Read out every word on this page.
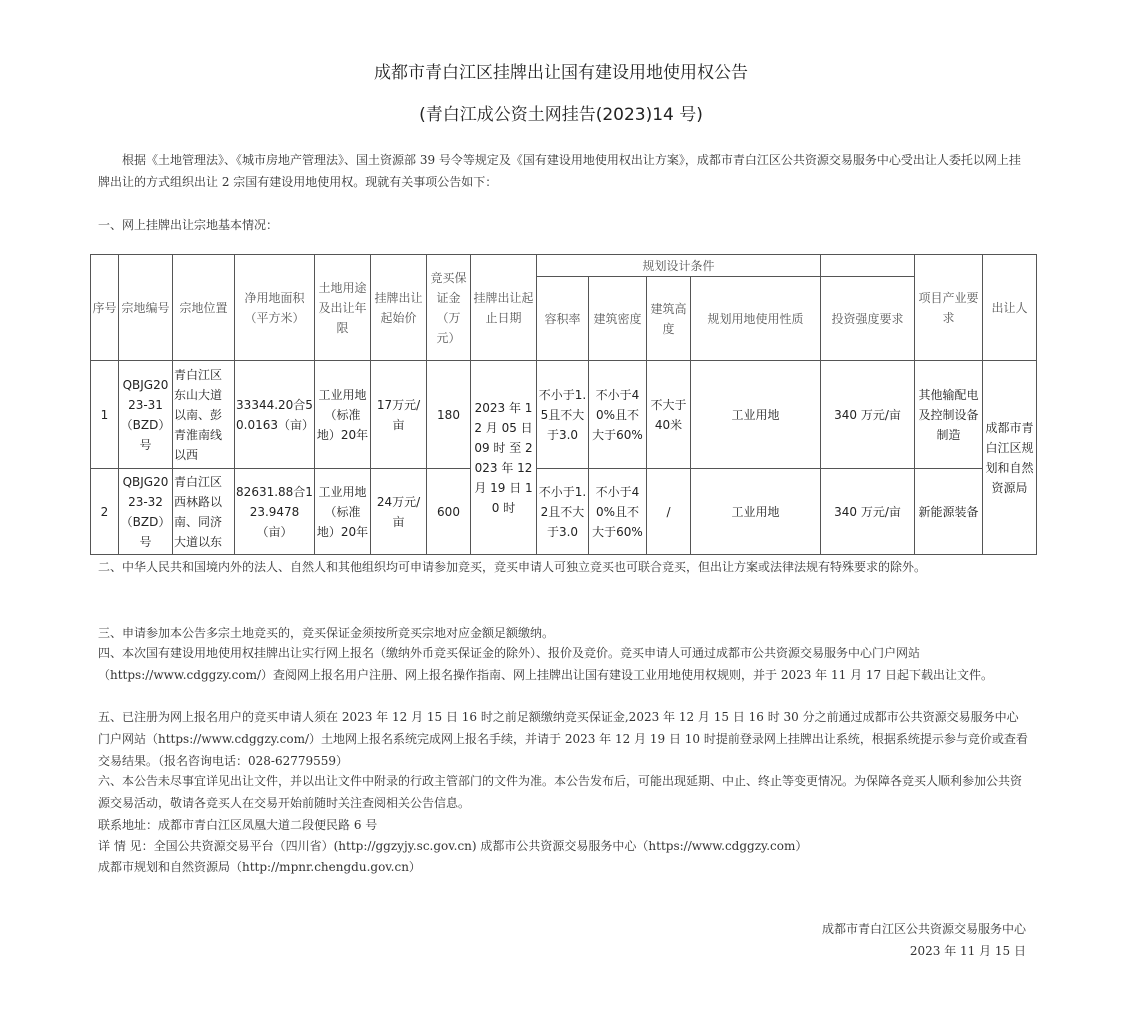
成都市青白江区挂牌出让国有建设用地使用权公告
(青白江成公资土网挂告(2023)14 号)
根据《土地管理法》、《城市房地产管理法》、国土资源部 39 号令等规定及《国有建设用地使用权出让方案》，成都市青白江区公共资源交易服务中心受出让人委托以网上挂牌出让的方式组织出让 2 宗国有建设用地使用权。现就有关事项公告如下：
一、网上挂牌出让宗地基本情况：
序号	宗地编号	宗地位置	净用地面积（平方米）	土地用途及出让年限	挂牌出让起始价	竞买保证金（万元）	挂牌出让起止日期	规划设计条件					项目产业要求	出让人
								容积率	建筑密度	建筑高度	规划用地使用性质	投资强度要求		
1	QBJG2023-31（BZD）号	青白江区东山大道以南、彭青淮南线以西	33344.20合50.0163（亩）	工业用地（标准地）20年	17万元/亩	180	2023 年 12 月 05 日 09 时 至 2023 年 12 月 19 日 10 时	不小于1.5且不大于3.0	不小于40%且不大于60%	不大于40米	工业用地	340 万元/亩	其他输配电及控制设备制造	成都市青白江区规划和自然资源局
2	QBJG2023-32（BZD）号	青白江区西林路以南、同济大道以东	82631.88合123.9478（亩）	工业用地（标准地）20年	24万元/亩	600		不小于1.2且不大于3.0	不小于40%且不大于60%	/	工业用地	340 万元/亩	新能源装备	
二、中华人民共和国境内外的法人、自然人和其他组织均可申请参加竞买，竞买申请人可独立竞买也可联合竞买，但出让方案或法律法规有特殊要求的除外。
三、申请参加本公告多宗土地竞买的，竞买保证金须按所竞买宗地对应金额足额缴纳。
四、本次国有建设用地使用权挂牌出让实行网上报名（缴纳外币竞买保证金的除外）、报价及竞价。竞买申请人可通过成都市公共资源交易服务中心门户网站（https://www.cdggzy.com/）查阅网上报名用户注册、网上报名操作指南、网上挂牌出让国有建设工业用地使用权规则，并于 2023 年 11 月 17 日起下载出让文件。
五、已注册为网上报名用户的竞买申请人须在 2023 年 12 月 15 日 16 时之前足额缴纳竞买保证金,2023 年 12 月 15 日 16 时 30 分之前通过成都市公共资源交易服务中心门户网站（https://www.cdggzy.com/）土地网上报名系统完成网上报名手续，并请于 2023 年 12 月 19 日 10 时提前登录网上挂牌出让系统，根据系统提示参与竞价或查看交易结果。（报名咨询电话：028-62779559）
六、本公告未尽事宜详见出让文件，并以出让文件中附录的行政主管部门的文件为准。本公告发布后，可能出现延期、中止、终止等变更情况。为保障各竞买人顺利参加公共资源交易活动，敬请各竞买人在交易开始前随时关注查阅相关公告信息。
联系地址：成都市青白江区凤凰大道二段便民路 6 号
详 情 见：全国公共资源交易平台（四川省）(http://ggzyjy.sc.gov.cn) 成都市公共资源交易服务中心（https://www.cdggzy.com）
成都市规划和自然资源局（http://mpnr.chengdu.gov.cn）
成都市青白江区公共资源交易服务中心
2023 年 11 月 15 日
